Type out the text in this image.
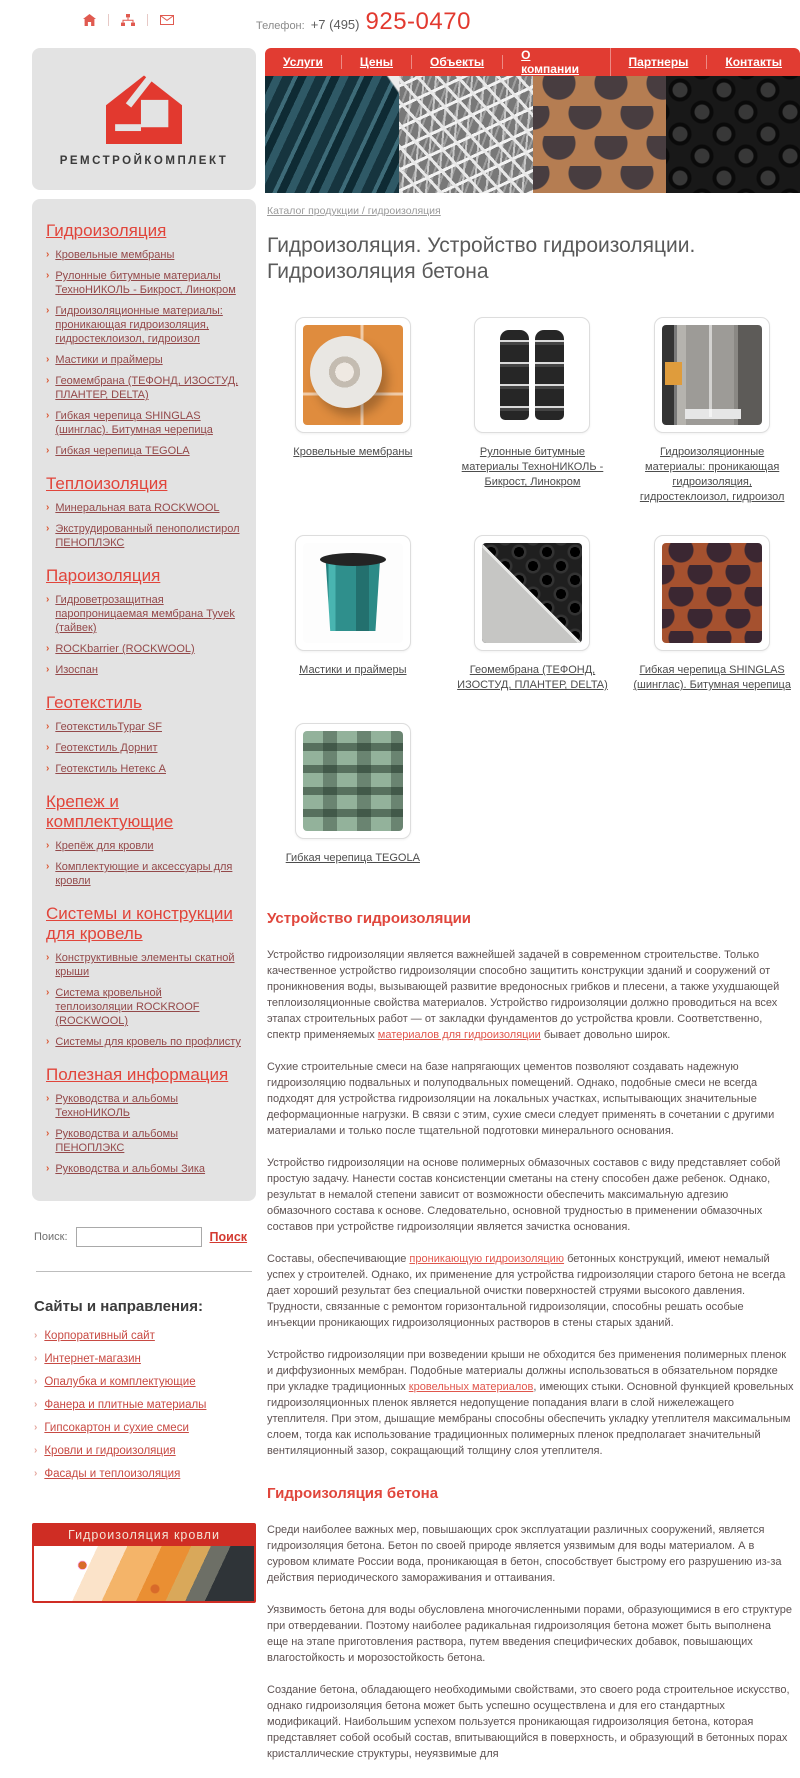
Телефон: +7 (495) 925-0470
РЕМСТРОЙКОМПЛЕКТ
Гидроизоляция
› Кровельные мембраны
› Рулонные битумные материалы ТехноНИКОЛЬ - Бикрост, Линокром
› Гидроизоляционные материалы: проникающая гидроизоляция, гидростеклоизол, гидроизол
› Мастики и праймеры
› Геомембрана (ТЕФОНД, ИЗОСТУД, ПЛАНТЕР, DELTA)
› Гибкая черепица SHINGLAS (шинглас). Битумная черепица
› Гибкая черепица TEGOLA
Теплоизоляция
› Минеральная вата ROCKWOOL
› Экструдированный пенополистирол ПЕНОПЛЭКС
Пароизоляция
› Гидроветрозащитная паропроницаемая мембрана Tyvek (тайвек)
› ROCKbarrier (ROCKWOOL)
› Изоспан
Геотекстиль
› ГеотекстильTypar SF
› Геотекстиль Дорнит
› Геотекстиль Нетекс А
Крепеж и комплектующие
› Крепёж для кровли
› Комплектующие и аксессуары для кровли
Системы и конструкции для кровель
› Конструктивные элементы скатной крыши
› Система кровельной теплоизоляции ROCKROOF (ROCKWOOL)
› Системы для кровель по профлисту
Полезная информация
› Руководства и альбомы ТехноНИКОЛЬ
› Руководства и альбомы ПЕНОПЛЭКС
› Руководства и альбомы Зика
Поиск:	Поиск
Сайты и направления:
› Корпоративный сайт
› Интернет-магазин
› Опалубка и комплектующие
› Фанера и плитные материалы
› Гипсокартон и сухие смеси
› Кровли и гидроизоляция
› Фасады и теплоизоляция
Гидроизоляция кровли
Услуги	Цены	Объекты	О компании	Партнеры	Контакты
Каталог продукции / гидроизоляция
Гидроизоляция. Устройство гидроизоляции. Гидроизоляция бетона
Кровельные мембраны	Рулонные битумные материалы ТехноНИКОЛЬ - Бикрост, Линокром
Гидроизоляционные материалы: проникающая гидроизоляция, гидростеклоизол, гидроизол
Мастики и праймеры	Геомембрана (ТЕФОНД, ИЗОСТУД, ПЛАНТЕР, DELTA)
Гибкая черепица SHINGLAS (шинглас). Битумная черепица
Гибкая черепица TEGOLA
Устройство гидроизоляции

Устройство гидроизоляции является важнейшей задачей в современном строительстве. Только качественное устройство гидроизоляции способно защитить конструкции зданий и сооружений от проникновения воды, вызывающей развитие вредоносных грибков и плесени, а также ухудшающей теплоизоляционные свойства материалов. Устройство гидроизоляции должно проводиться на всех этапах строительных работ — от закладки фундаментов до устройства кровли. Соответственно, спектр применяемых материалов для гидроизоляции бывает довольно широк.

Сухие строительные смеси на базе напрягающих цементов позволяют создавать надежную гидроизоляцию подвальных и полуподвальных помещений. Однако, подобные смеси не всегда подходят для устройства гидроизоляции на локальных участках, испытывающих значительные деформационные нагрузки. В связи с этим, сухие смеси следует применять в сочетании с другими материалами и только после тщательной подготовки минерального основания.

Устройство гидроизоляции на основе полимерных обмазочных составов с виду представляет собой простую задачу. Нанести состав консистенции сметаны на стену способен даже ребенок. Однако, результат в немалой степени зависит от возможности обеспечить максимальную адгезию обмазочного состава к основе. Следовательно, основной трудностью в применении обмазочных составов при устройстве гидроизоляции является зачистка основания.

Составы, обеспечивающие проникающую гидроизоляцию бетонных конструкций, имеют немалый успех у строителей. Однако, их применение для устройства гидроизоляции старого бетона не всегда дает хороший результат без специальной очистки поверхностей струями высокого давления. Трудности, связанные с ремонтом горизонтальной гидроизоляции, способны решать особые инъекции проникающих гидроизоляционных растворов в стены старых зданий.

Устройство гидроизоляции при возведении крыши не обходится без применения полимерных пленок и диффузионных мембран. Подобные материалы должны использоваться в обязательном порядке при укладке традиционных кровельных материалов, имеющих стыки. Основной функцией кровельных гидроизоляционных пленок является недопущение попадания влаги в слой нижележащего утеплителя. При этом, дышащие мембраны способны обеспечить укладку утеплителя максимальным слоем, тогда как использование традиционных полимерных пленок предполагает значительный вентиляционный зазор, сокращающий толщину слоя утеплителя.

Гидроизоляция бетона

Среди наиболее важных мер, повышающих срок эксплуатации различных сооружений, является гидроизоляция бетона. Бетон по своей природе является уязвимым для воды материалом. А в суровом климате России вода, проникающая в бетон, способствует быстрому его разрушению из-за действия периодического замораживания и оттаивания.

Уязвимость бетона для воды обусловлена многочисленными порами, образующимися в его структуре при отвердевании. Поэтому наиболее радикальная гидроизоляция бетона может быть выполнена еще на этапе приготовления раствора, путем введения специфических добавок, повышающих влагостойкость и морозостойкость бетона.

Создание бетона, обладающего необходимыми свойствами, это своего рода строительное искусство, однако гидроизоляция бетона может быть успешно осуществлена и для его стандартных модификаций. Наибольшим успехом пользуется проникающая гидроизоляция бетона, которая представляет собой особый состав, впитывающийся в поверхность, и образующий в бетонных порах кристаллические структуры, неуязвимые для
